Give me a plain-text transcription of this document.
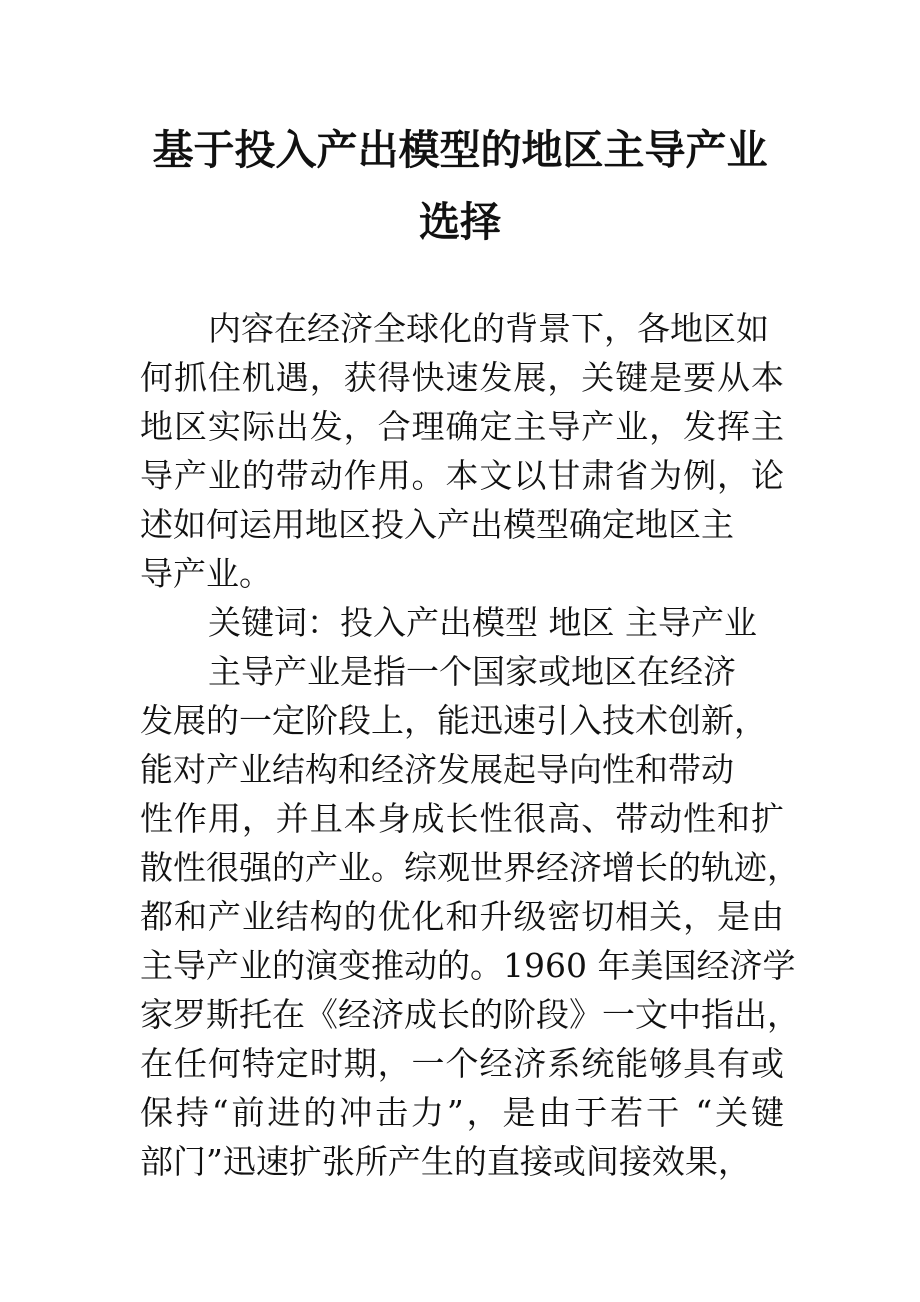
基于投入产出模型的地区主导产业
选择
内容在经济全球化的背景下，各地区如
何抓住机遇，获得快速发展，关键是要从本
地区实际出发，合理确定主导产业，发挥主
导产业的带动作用。本文以甘肃省为例，论
述如何运用地区投入产出模型确定地区主
导产业。
关键词：投入产出模型 地区 主导产业
主导产业是指一个国家或地区在经济
发展的一定阶段上，能迅速引入技术创新，
能对产业结构和经济发展起导向性和带动
性作用，并且本身成长性很高、带动性和扩
散性很强的产业。综观世界经济增长的轨迹，
都和产业结构的优化和升级密切相关，是由
主导产业的演变推动的。1960 年美国经济学
家罗斯托在《经济成长的阶段》一文中指出，
在任何特定时期，一个经济系统能够具有或
保持“前进的冲击力”，是由于若干 “关键
部门”迅速扩张所产生的直接或间接效果，
